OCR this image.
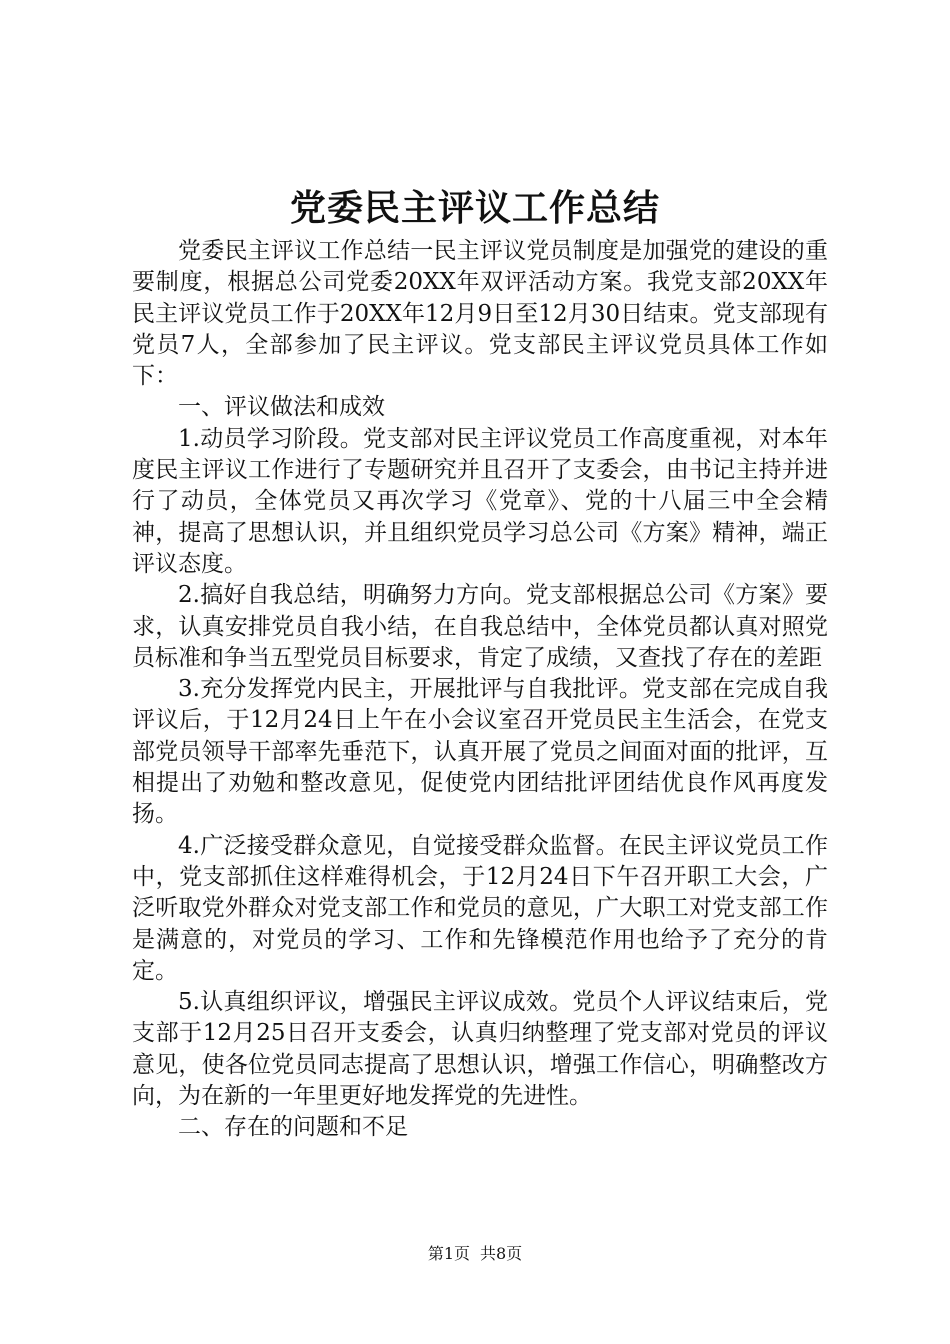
党委民主评议工作总结

党委民主评议工作总结一民主评议党员制度是加强党的建设的重要制度，根据总公司党委20XX年双评活动方案。我党支部20XX年民主评议党员工作于20XX年12月9日至12月30日结束。党支部现有党员7人，全部参加了民主评议。党支部民主评议党员具体工作如下：

一、评议做法和成效

1.动员学习阶段。党支部对民主评议党员工作高度重视，对本年度民主评议工作进行了专题研究并且召开了支委会，由书记主持并进行了动员，全体党员又再次学习《党章》、党的十八届三中全会精神，提高了思想认识，并且组织党员学习总公司《方案》精神，端正评议态度。

2.搞好自我总结，明确努力方向。党支部根据总公司《方案》要求，认真安排党员自我小结，在自我总结中，全体党员都认真对照党员标准和争当五型党员目标要求，肯定了成绩，又查找了存在的差距

3.充分发挥党内民主，开展批评与自我批评。党支部在完成自我评议后，于12月24日上午在小会议室召开党员民主生活会，在党支部党员领导干部率先垂范下，认真开展了党员之间面对面的批评，互相提出了劝勉和整改意见，促使党内团结批评团结优良作风再度发扬。

4.广泛接受群众意见，自觉接受群众监督。在民主评议党员工作中，党支部抓住这样难得机会，于12月24日下午召开职工大会，广泛听取党外群众对党支部工作和党员的意见，广大职工对党支部工作是满意的，对党员的学习、工作和先锋模范作用也给予了充分的肯定。

5.认真组织评议，增强民主评议成效。党员个人评议结束后，党支部于12月25日召开支委会，认真归纳整理了党支部对党员的评议意见，使各位党员同志提高了思想认识，增强工作信心，明确整改方向，为在新的一年里更好地发挥党的先进性。

二、存在的问题和不足

第1页 共8页
